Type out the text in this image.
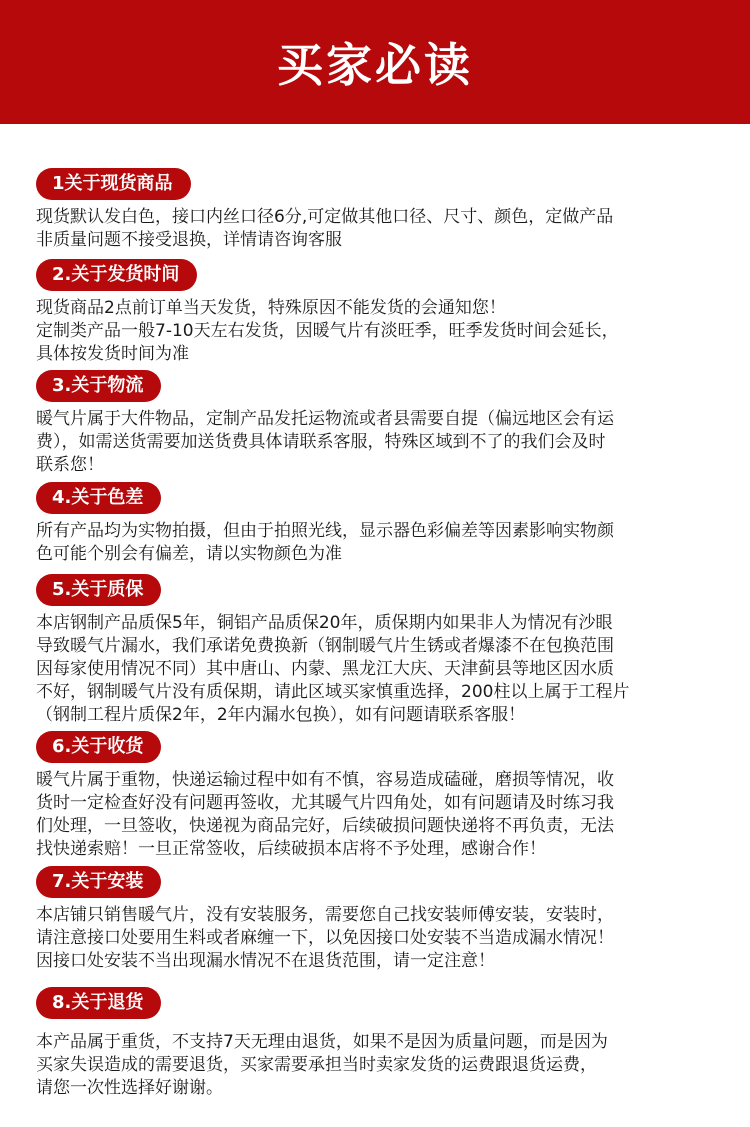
买家必读
1关于现货商品
现货默认发白色，接口内丝口径6分,可定做其他口径、尺寸、颜色，定做产品
非质量问题不接受退换，详情请咨询客服
2.关于发货时间
现货商品2点前订单当天发货，特殊原因不能发货的会通知您！
定制类产品一般7-10天左右发货，因暖气片有淡旺季，旺季发货时间会延长，
具体按发货时间为准
3.关于物流
暖气片属于大件物品，定制产品发托运物流或者县需要自提（偏远地区会有运
费），如需送货需要加送货费具体请联系客服，特殊区域到不了的我们会及时
联系您！
4.关于色差
所有产品均为实物拍摄，但由于拍照光线，显示器色彩偏差等因素影响实物颜
色可能个别会有偏差，请以实物颜色为准
5.关于质保
本店钢制产品质保5年，铜铝产品质保20年，质保期内如果非人为情况有沙眼
导致暖气片漏水，我们承诺免费换新（钢制暖气片生锈或者爆漆不在包换范围
因每家使用情况不同）其中唐山、内蒙、黑龙江大庆、天津蓟县等地区因水质
不好，钢制暖气片没有质保期，请此区域买家慎重选择，200柱以上属于工程片
（钢制工程片质保2年，2年内漏水包换），如有问题请联系客服！
6.关于收货
暖气片属于重物，快递运输过程中如有不慎，容易造成磕碰，磨损等情况，收
货时一定检查好没有问题再签收，尤其暖气片四角处，如有问题请及时练习我
们处理，一旦签收，快递视为商品完好，后续破损问题快递将不再负责，无法
找快递索赔！一旦正常签收，后续破损本店将不予处理，感谢合作！
7.关于安装
本店铺只销售暖气片，没有安装服务，需要您自己找安装师傅安装，安装时，
请注意接口处要用生料或者麻缠一下，以免因接口处安装不当造成漏水情况！
因接口处安装不当出现漏水情况不在退货范围，请一定注意！
8.关于退货
本产品属于重货，不支持7天无理由退货，如果不是因为质量问题，而是因为
买家失误造成的需要退货，买家需要承担当时卖家发货的运费跟退货运费，
请您一次性选择好谢谢。
